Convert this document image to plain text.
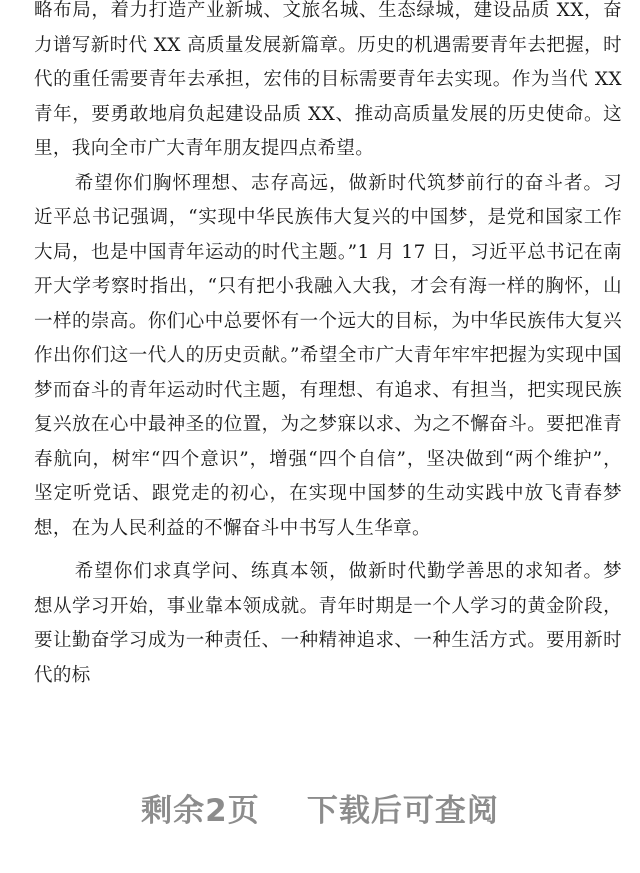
略布局，着力打造产业新城、文旅名城、生态绿城，建设品质 XX，奋力谱写新时代 XX 高质量发展新篇章。历史的机遇需要青年去把握，时代的重任需要青年去承担，宏伟的目标需要青年去实现。作为当代 XX 青年，要勇敢地肩负起建设品质 XX、推动高质量发展的历史使命。这里，我向全市广大青年朋友提四点希望。

希望你们胸怀理想、志存高远，做新时代筑梦前行的奋斗者。习近平总书记强调，“实现中华民族伟大复兴的中国梦，是党和国家工作大局，也是中国青年运动的时代主题。”1 月 17 日，习近平总书记在南开大学考察时指出，“只有把小我融入大我，才会有海一样的胸怀，山一样的崇高。你们心中总要怀有一个远大的目标，为中华民族伟大复兴作出你们这一代人的历史贡献。”希望全市广大青年牢牢把握为实现中国梦而奋斗的青年运动时代主题，有理想、有追求、有担当，把实现民族复兴放在心中最神圣的位置，为之梦寐以求、为之不懈奋斗。要把准青春航向，树牢“四个意识”，增强“四个自信”，坚决做到“两个维护”，坚定听党话、跟党走的初心，在实现中国梦的生动实践中放飞青春梦想，在为人民利益的不懈奋斗中书写人生华章。

希望你们求真学问、练真本领，做新时代勤学善思的求知者。梦想从学习开始，事业靠本领成就。青年时期是一个人学习的黄金阶段，要让勤奋学习成为一种责任、一种精神追求、一种生活方式。要用新时代的标

剩余2页    下载后可查阅
